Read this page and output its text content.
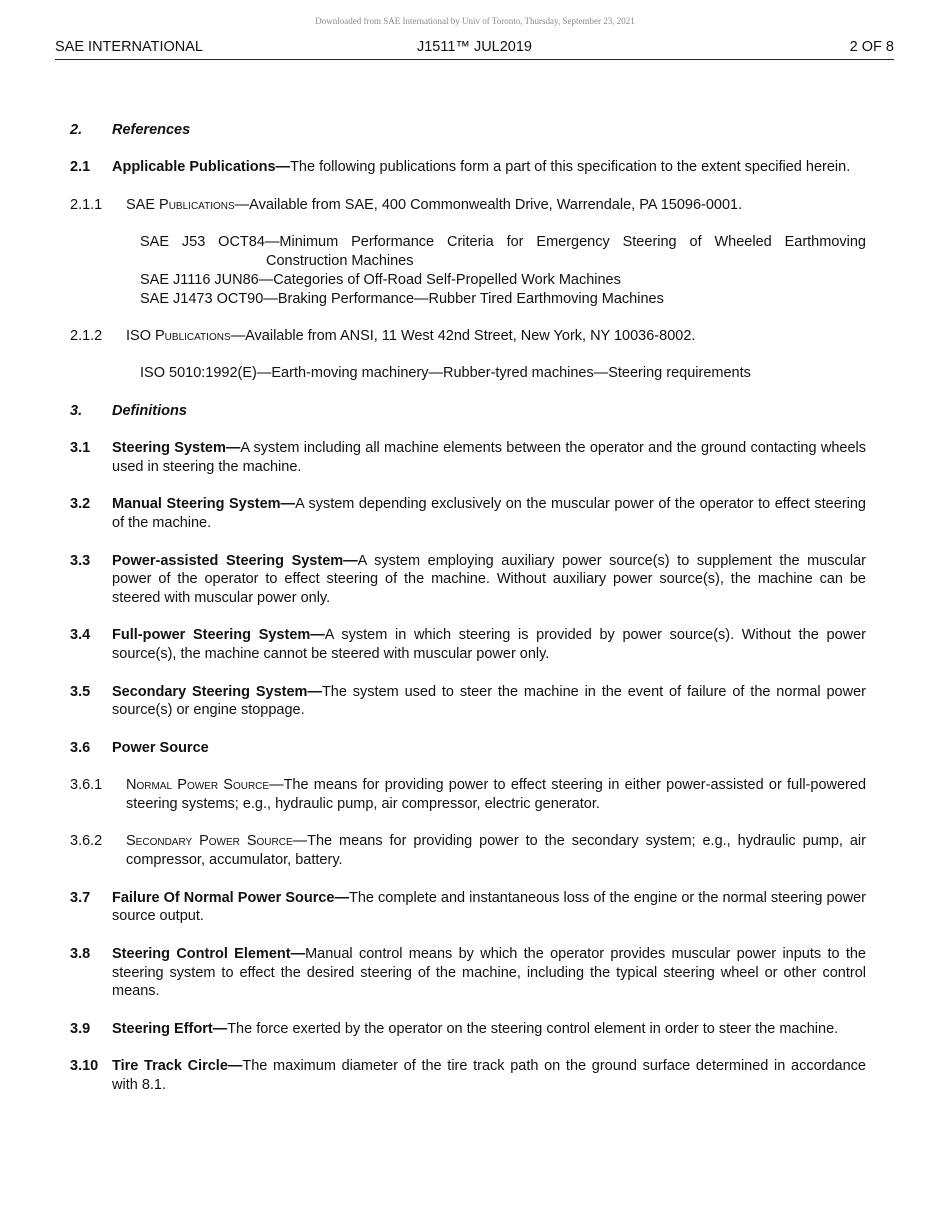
Downloaded from SAE International by Univ of Toronto, Thursday, September 23, 2021
J1511™ JUL2019
SAE INTERNATIONAL	2 OF 8
2. References
2.1	Applicable Publications—The following publications form a part of this specification to the extent specified herein.
2.1.1	SAE Publications—Available from SAE, 400 Commonwealth Drive, Warrendale, PA 15096-0001.
SAE J53 OCT84—Minimum Performance Criteria for Emergency Steering of Wheeled Earthmoving
Construction Machines
SAE J1116 JUN86—Categories of Off-Road Self-Propelled Work Machines
SAE J1473 OCT90—Braking Performance—Rubber Tired Earthmoving Machines
2.1.2	ISO Publications—Available from ANSI, 11 West 42nd Street, New York, NY 10036-8002.
ISO 5010:1992(E)—Earth-moving machinery—Rubber-tyred machines—Steering requirements
3. Definitions
3.1	Steering System—A system including all machine elements between the operator and the ground contacting wheels used in steering the machine.
3.2	Manual Steering System—A system depending exclusively on the muscular power of the operator to effect steering of the machine.
3.3	Power-assisted Steering System—A system employing auxiliary power source(s) to supplement the muscular power of the operator to effect steering of the machine. Without auxiliary power source(s), the machine can be steered with muscular power only.
3.4	Full-power Steering System—A system in which steering is provided by power source(s). Without the power source(s), the machine cannot be steered with muscular power only.
3.5	Secondary Steering System—The system used to steer the machine in the event of failure of the normal power source(s) or engine stoppage.
3.6	Power Source
3.6.1	Normal Power Source—The means for providing power to effect steering in either power-assisted or full-powered steering systems; e.g., hydraulic pump, air compressor, electric generator.
3.6.2	Secondary Power Source—The means for providing power to the secondary system; e.g., hydraulic pump, air compressor, accumulator, battery.
3.7	Failure Of Normal Power Source—The complete and instantaneous loss of the engine or the normal steering power source output.
3.8	Steering Control Element—Manual control means by which the operator provides muscular power inputs to the steering system to effect the desired steering of the machine, including the typical steering wheel or other control means.
3.9	Steering Effort—The force exerted by the operator on the steering control element in order to steer the machine.
3.10 Tire Track Circle—The maximum diameter of the tire track path on the ground surface determined in accordance with 8.1.
